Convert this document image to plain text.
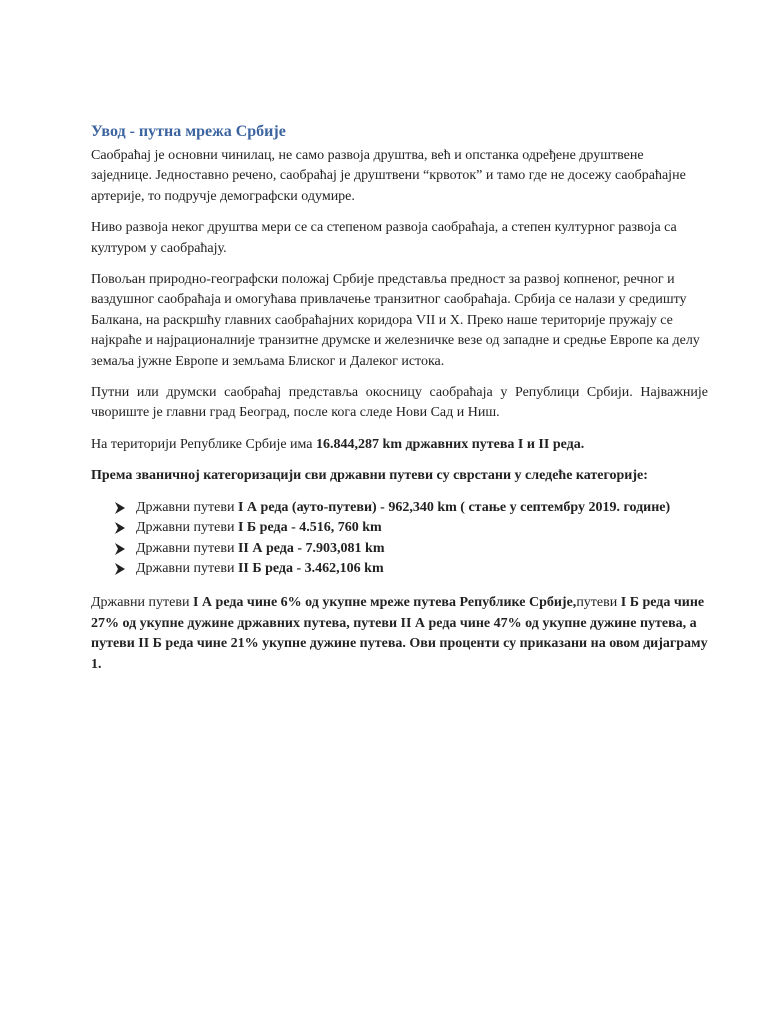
Увод - путна мрежа Србије

Саобраћај је основни чинилац, не само развоја друштва, већ и опстанка одређене друштвене заједнице. Једноставно речено, саобраћај је друштвени “крвоток” и тамо где не досежу саобраћајне артерије, то подручје демографски одумире.

Ниво развоја неког друштва мери се са степеном развоја саобраћаја, а степен културног развоја са културом у саобраћају.

Повољан природно-географски положај Србије представља предност за развој копненог, речног и ваздушног саобраћаја и омогућава привлачење транзитног саобраћаја. Србија се налази у средишту Балкана, на раскршћу главних саобраћајних коридора VII и X. Преко наше територије пружају се најкраће и најрационалније транзитне друмске и железничке везе од западне и средње Европе ка делу земаља јужне Европе и земљама Блиског и Далеког истока.

Путни или друмски саобраћај представља окосницу саобраћаја у Републици Србији. Најважније чвориште је главни град Београд, после кога следе Нови Сад и Ниш.

На територији Републике Србије има 16.844,287 km државних путева I и II реда.

Према званичној категоризацији сви државни путеви су сврстани у следеће категорије:

Државни путеви I А реда (ауто-путеви) - 962,340 km ( стање у септембру 2019. године)
Државни путеви I Б реда - 4.516, 760 km
Државни путеви II А реда - 7.903,081 km
Државни путеви II Б реда - 3.462,106 km

Државни путеви I А реда чине 6% од укупне мреже путева Републике Србије,путеви I Б реда чине 27% од укупне дужине државних путева, путеви II А реда чине 47% од укупне дужине путева, а путеви II Б реда чине 21% укупне дужине путева. Ови проценти су приказани на овом дијаграму 1.
